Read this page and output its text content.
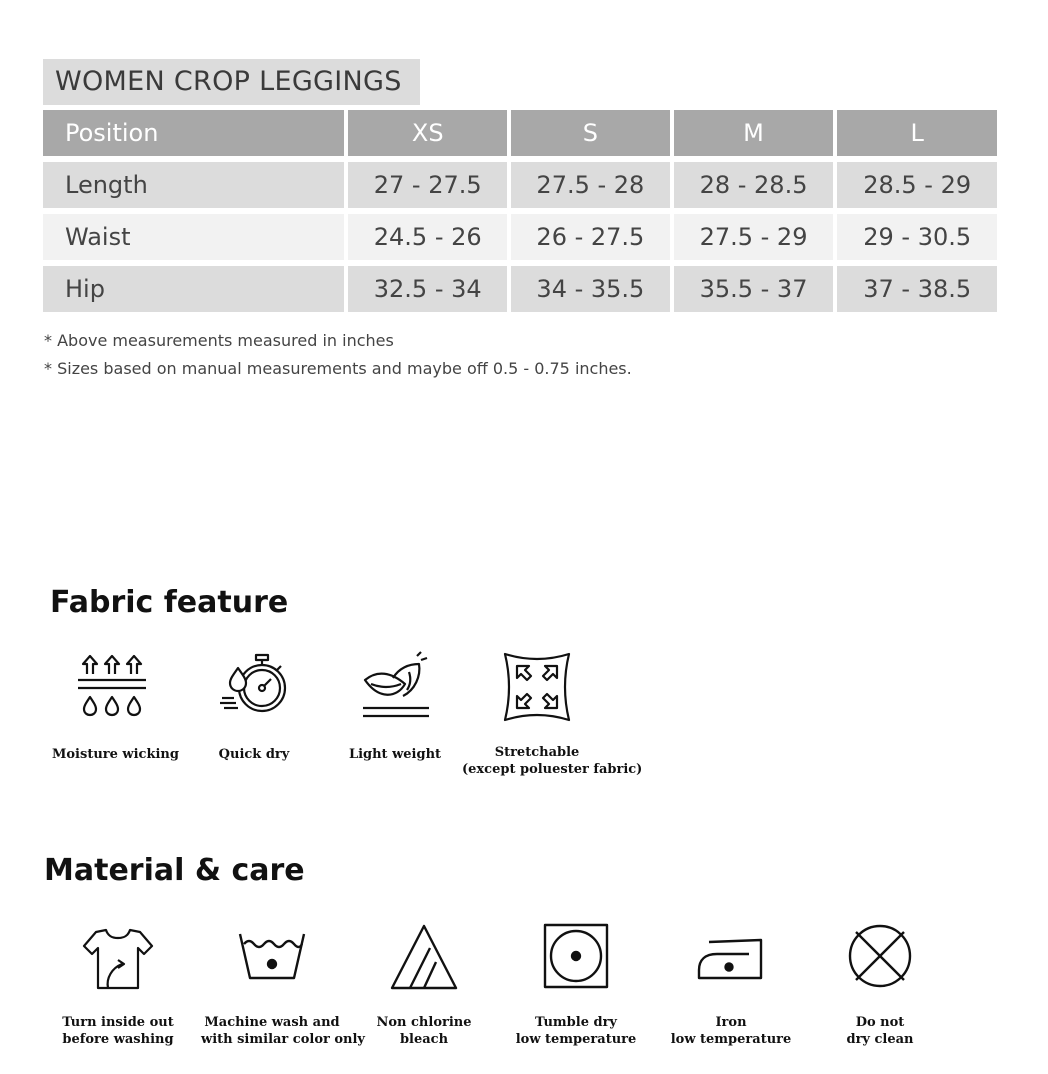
WOMEN CROP LEGGINGS
Position	XS	S	M	L
Length	27 - 27.5	27.5 - 28	28 - 28.5	28.5 - 29
Waist	24.5 - 26	26 - 27.5	27.5 - 29	29 - 30.5
Hip	32.5 - 34	34 - 35.5	35.5 - 37	37 - 38.5
* Above measurements measured in inches
* Sizes based on manual measurements and maybe off 0.5 - 0.75 inches.
Fabric feature
Moisture wicking	Quick dry	Light weight	Stretchable
(except poluester fabric)
Material & care
Turn inside out
before washing
Machine wash and
with similar color only
Non chlorine
bleach
Tumble dry
low temperature
Iron
low temperature
Do not
dry clean
